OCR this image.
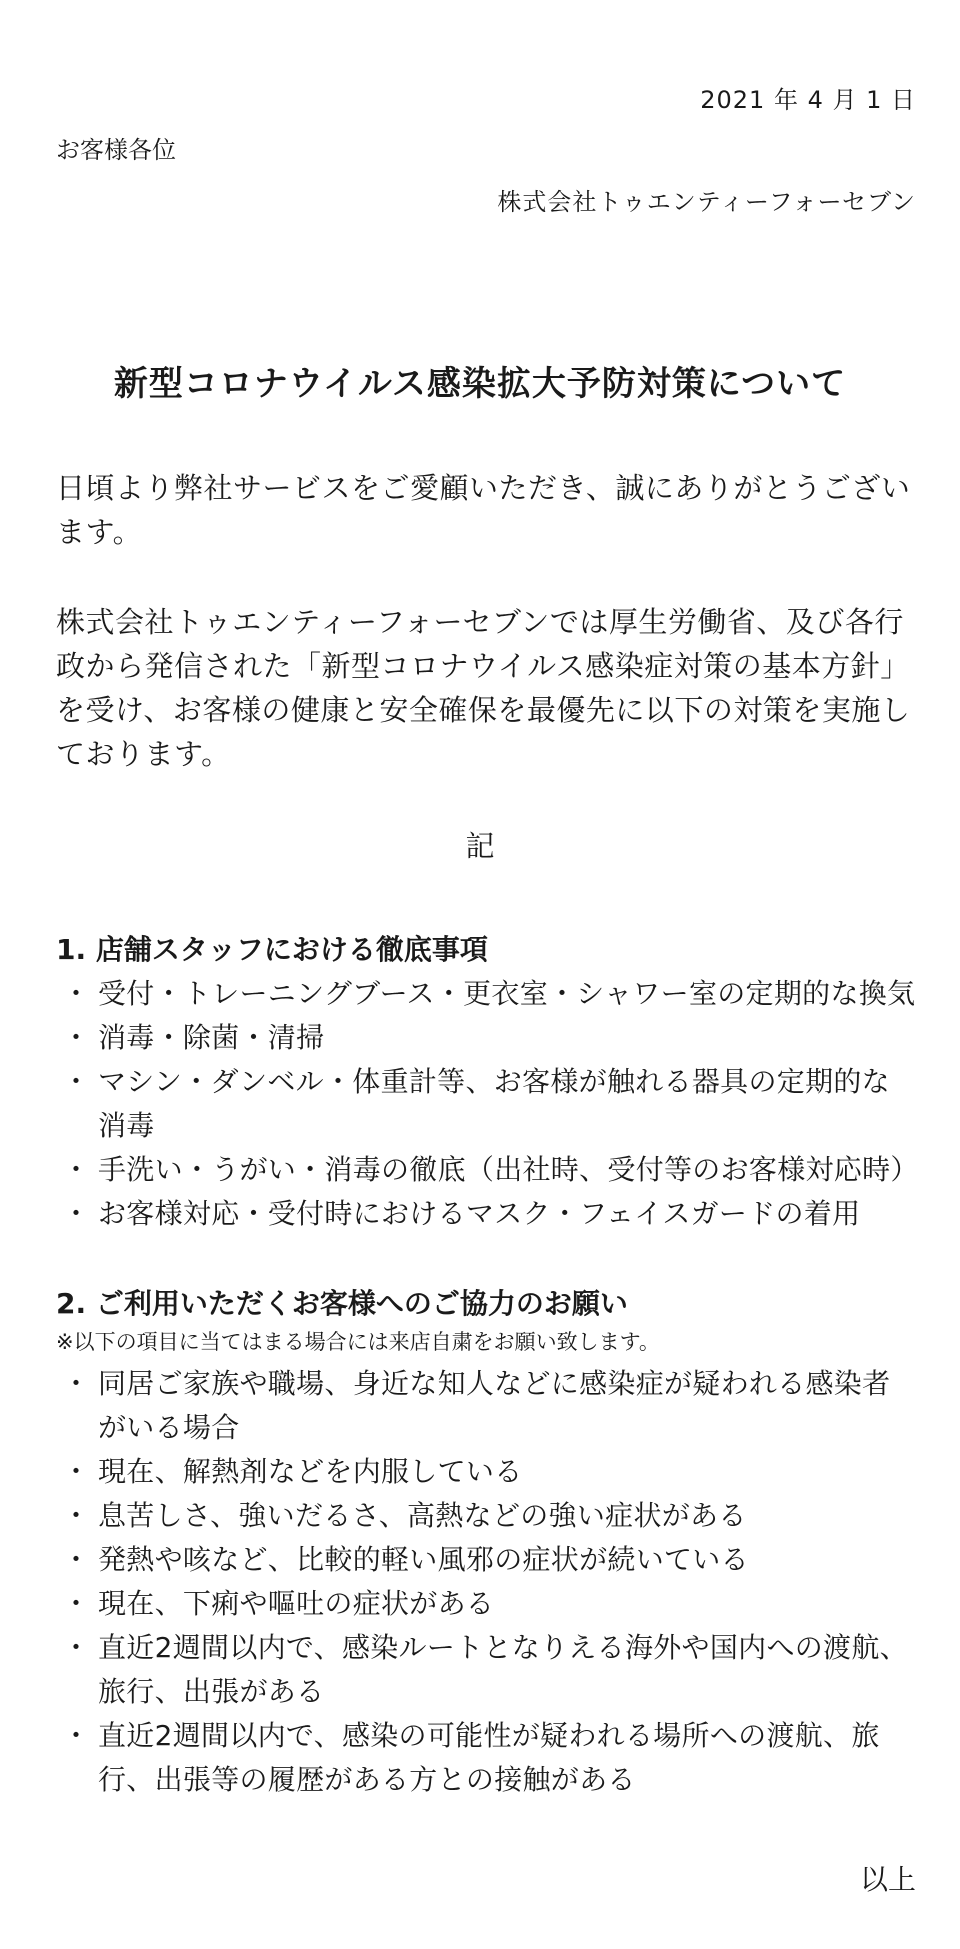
2021 年 4 月 1 日
お客様各位
株式会社トゥエンティーフォーセブン
新型コロナウイルス感染拡大予防対策について
日頃より弊社サービスをご愛顧いただき、誠にありがとうございます。
株式会社トゥエンティーフォーセブンでは厚生労働省、及び各行政から発信された「新型コロナウイルス感染症対策の基本方針」を受け、お客様の健康と安全確保を最優先に以下の対策を実施しております。
記

1. 店舗スタッフにおける徹底事項

・ 受付・トレーニングブース・更衣室・シャワー室の定期的な換気
・ 消毒・除菌・清掃
・ マシン・ダンベル・体重計等、お客様が触れる器具の定期的な消毒
・ 手洗い・うがい・消毒の徹底（出社時、受付等のお客様対応時）
・ お客様対応・受付時におけるマスク・フェイスガードの着用

2. ご利用いただくお客様へのご協力のお願い

※以下の項目に当てはまる場合には来店自粛をお願い致します。

・ 同居ご家族や職場、身近な知人などに感染症が疑われる感染者がいる場合
・ 現在、解熱剤などを内服している
・ 息苦しさ、強いだるさ、高熱などの強い症状がある
・ 発熱や咳など、比較的軽い風邪の症状が続いている
・ 現在、下痢や嘔吐の症状がある
・ 直近2週間以内で、感染ルートとなりえる海外や国内への渡航、旅行、出張がある
・ 直近2週間以内で、感染の可能性が疑われる場所への渡航、旅行、出張等の履歴がある方との接触がある
以上
